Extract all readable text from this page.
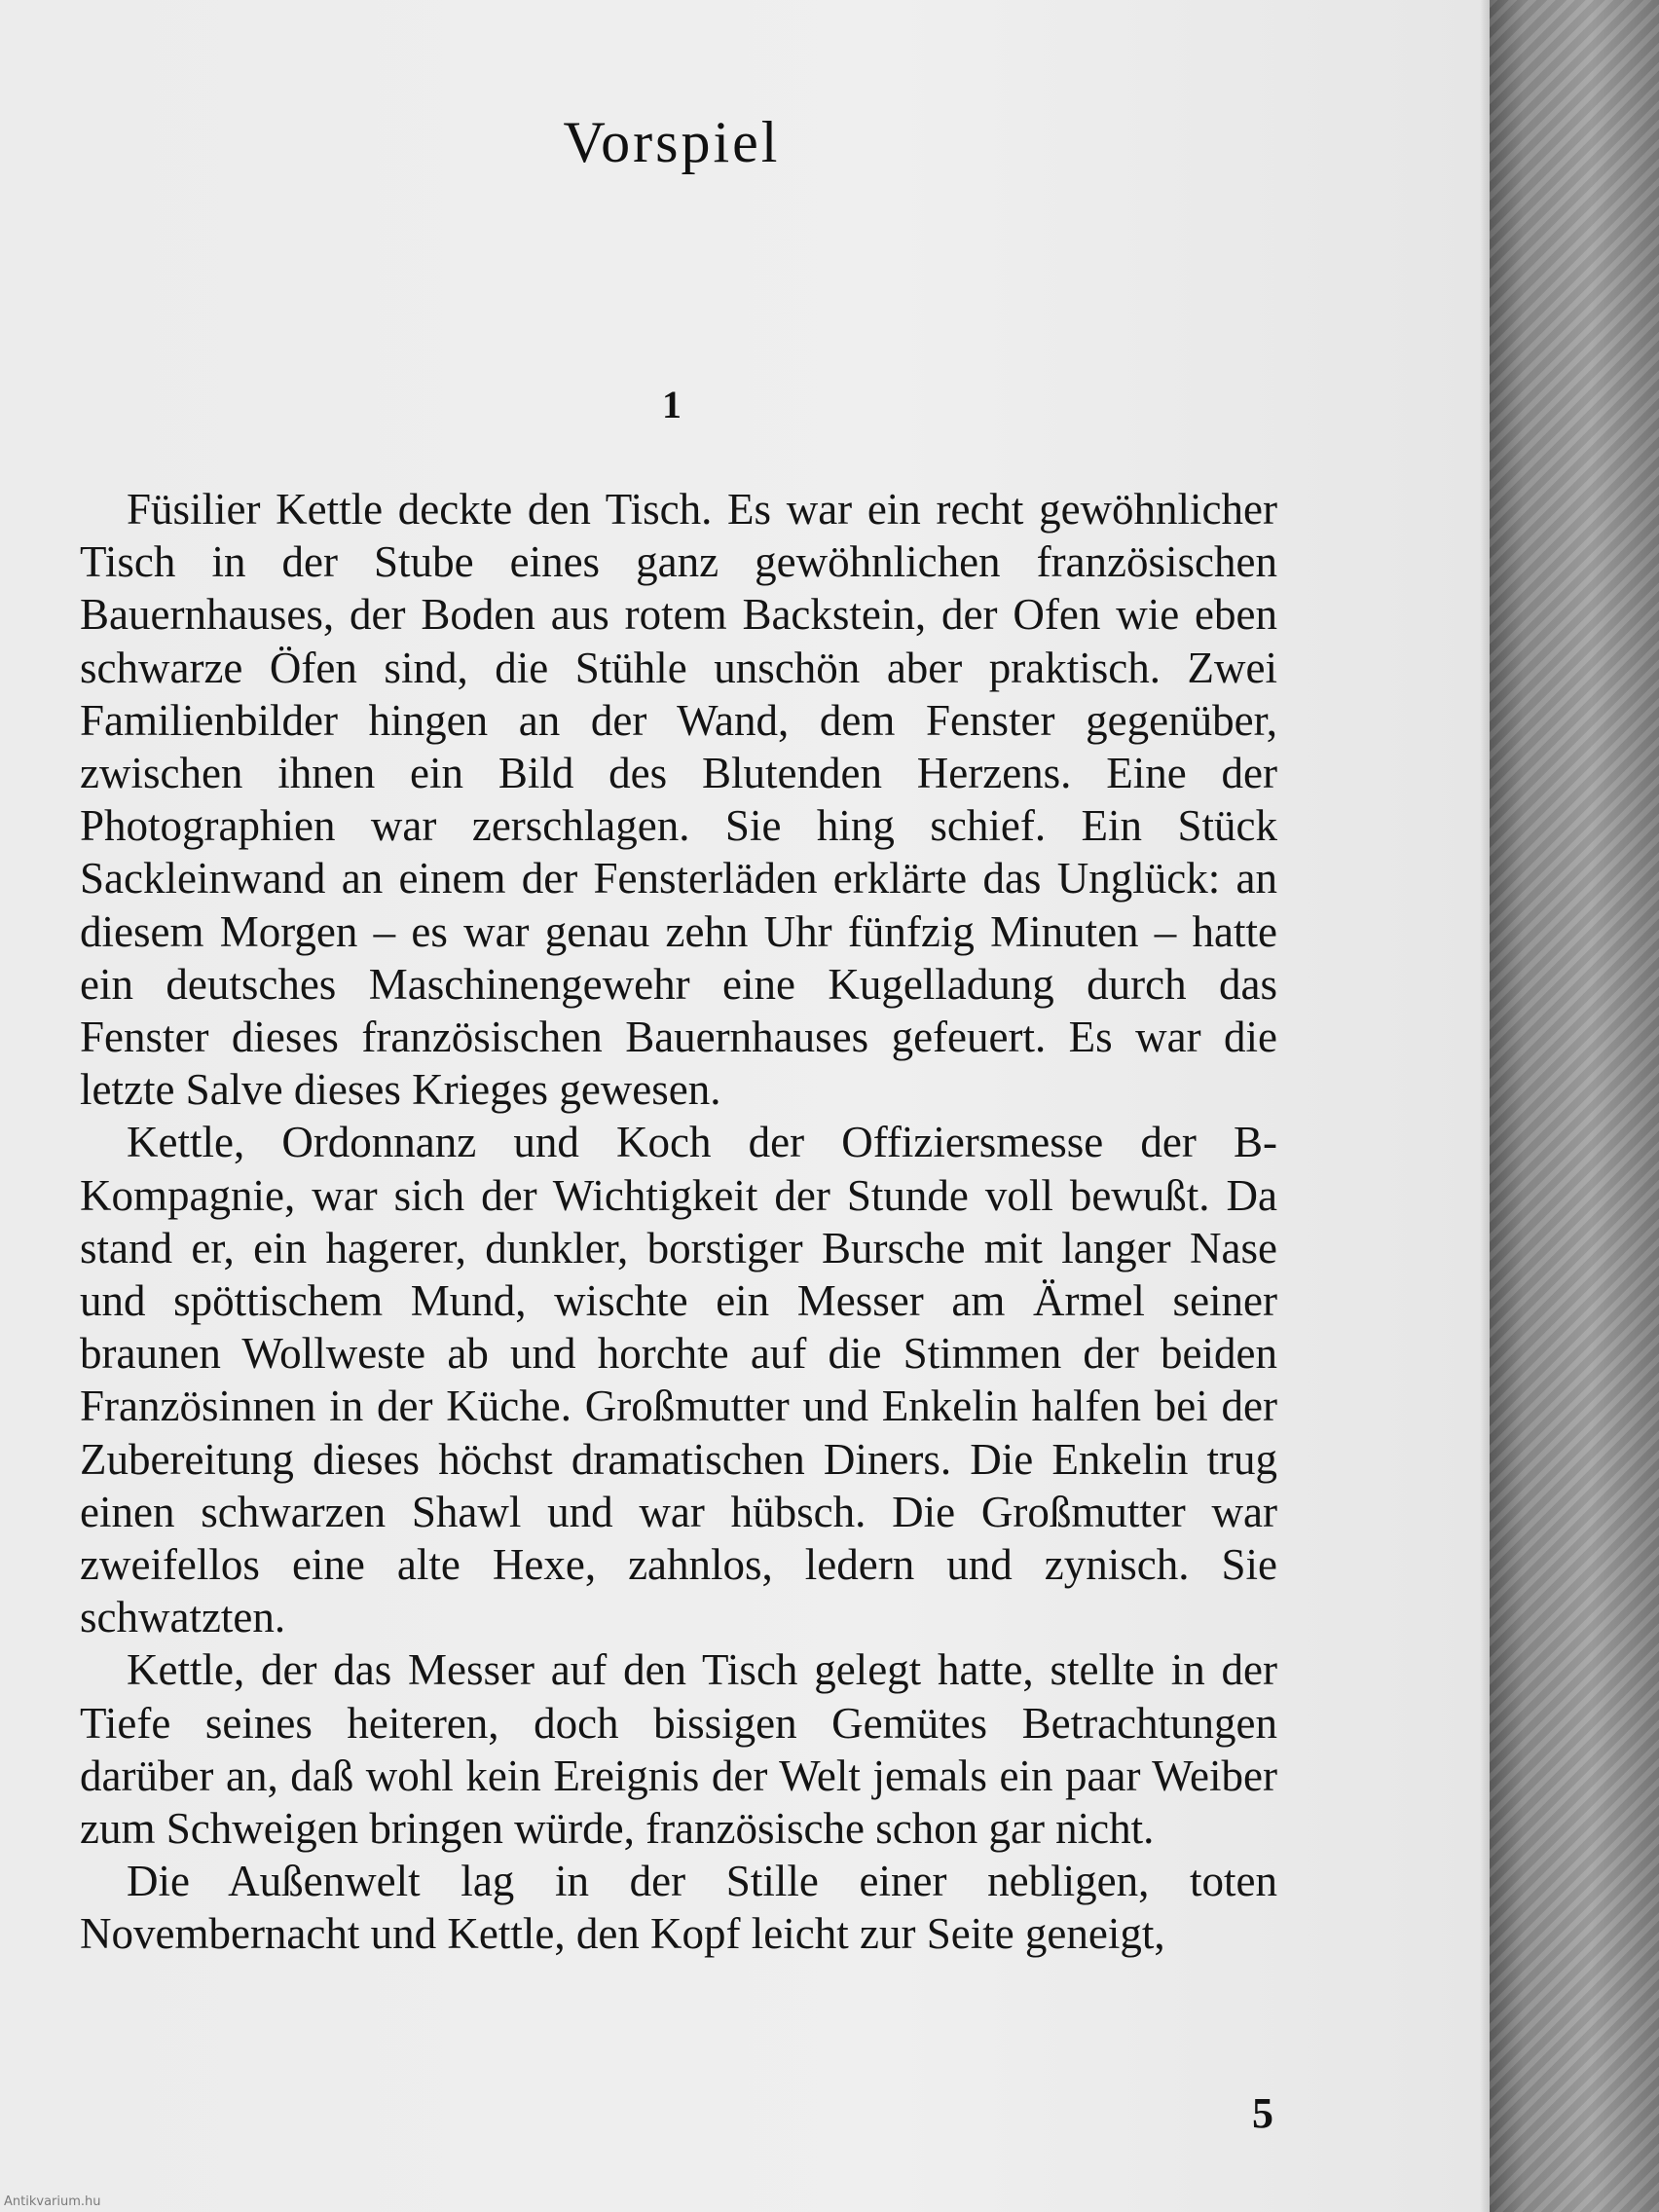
Vorspiel
1

Füsilier Kettle deckte den Tisch. Es war ein recht gewöhnlicher Tisch in der Stube eines ganz gewöhnlichen französischen Bauernhauses, der Boden aus rotem Backstein, der Ofen wie eben schwarze Öfen sind, die Stühle unschön aber praktisch. Zwei Familienbilder hingen an der Wand, dem Fenster gegenüber, zwischen ihnen ein Bild des Blutenden Herzens. Eine der Photographien war zerschlagen. Sie hing schief. Ein Stück Sackleinwand an einem der Fensterläden erklärte das Unglück: an diesem Morgen – es war genau zehn Uhr fünfzig Minuten – hatte ein deutsches Maschinengewehr eine Kugelladung durch das Fenster dieses französischen Bauernhauses gefeuert. Es war die letzte Salve dieses Krieges gewesen.

Kettle, Ordonnanz und Koch der Offiziersmesse der B-Kompagnie, war sich der Wichtigkeit der Stunde voll bewußt. Da stand er, ein hagerer, dunkler, borstiger Bursche mit langer Nase und spöttischem Mund, wischte ein Messer am Ärmel seiner braunen Wollweste ab und horchte auf die Stimmen der beiden Französinnen in der Küche. Großmutter und Enkelin halfen bei der Zubereitung dieses höchst dramatischen Diners. Die Enkelin trug einen schwarzen Shawl und war hübsch. Die Großmutter war zweifellos eine alte Hexe, zahnlos, ledern und zynisch. Sie schwatzten.

Kettle, der das Messer auf den Tisch gelegt hatte, stellte in der Tiefe seines heiteren, doch bissigen Gemütes Betrachtungen darüber an, daß wohl kein Ereignis der Welt jemals ein paar Weiber zum Schweigen bringen würde, französische schon gar nicht.

Die Außenwelt lag in der Stille einer nebligen, toten Novembernacht und Kettle, den Kopf leicht zur Seite geneigt,

5
Antikvarium.hu
